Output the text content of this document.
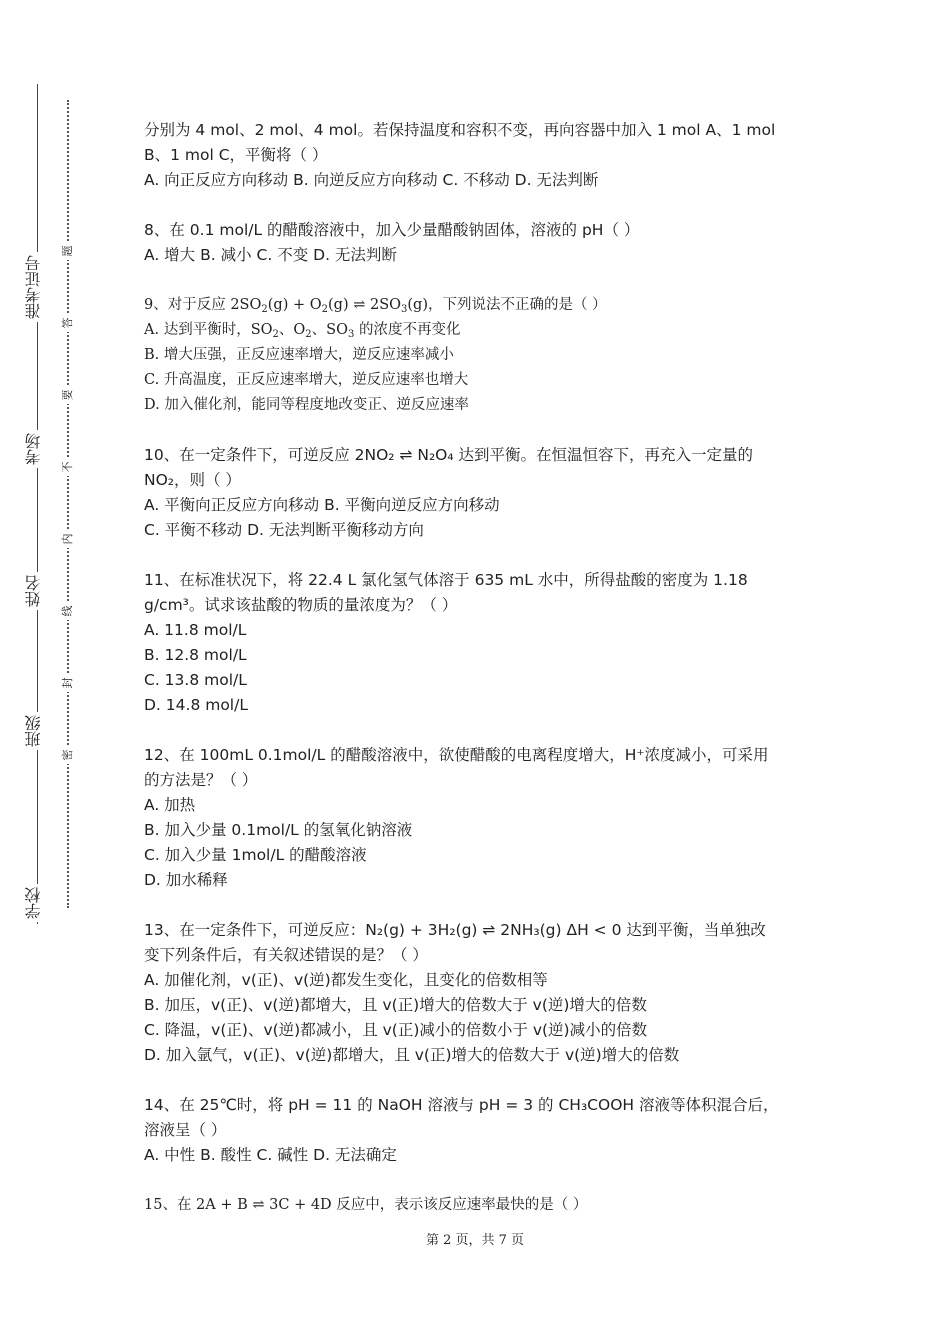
准考证号
考场
姓名
班级
学校
题
答
要
不
内
线
封
密
分别为 4 mol、2 mol、4 mol。若保持温度和容积不变，再向容器中加入 1 mol A、1 mol
B、1 mol C，平衡将（ ）
A. 向正反应方向移动 B. 向逆反应方向移动 C. 不移动 D. 无法判断
8、在 0.1 mol/L 的醋酸溶液中，加入少量醋酸钠固体，溶液的 pH（ ）
A. 增大 B. 减小 C. 不变 D. 无法判断
9、对于反应 $2SO_2(g) + O_2(g)$ ⇌ $2SO_3(g)$，下列说法不正确的是（ ）
A. 达到平衡时，$SO_2$、$O_2$、$SO_3$ 的浓度不再变化
B. 增大压强，正反应速率增大，逆反应速率减小
C. 升高温度，正反应速率增大，逆反应速率也增大
D. 加入催化剂，能同等程度地改变正、逆反应速率
10、在一定条件下，可逆反应 2NO₂ ⇌ N₂O₄ 达到平衡。在恒温恒容下，再充入一定量的
NO₂，则（ ）
A. 平衡向正反应方向移动 B. 平衡向逆反应方向移动
C. 平衡不移动 D. 无法判断平衡移动方向
11、在标准状况下，将 22.4 L 氯化氢气体溶于 635 mL 水中，所得盐酸的密度为 1.18
g/cm³。试求该盐酸的物质的量浓度为？（ ）
A. 11.8 mol/L
B. 12.8 mol/L
C. 13.8 mol/L
D. 14.8 mol/L
12、在 100mL 0.1mol/L 的醋酸溶液中，欲使醋酸的电离程度增大，H⁺浓度减小，可采用
的方法是？（ ）
A. 加热
B. 加入少量 0.1mol/L 的氢氧化钠溶液
C. 加入少量 1mol/L 的醋酸溶液
D. 加水稀释
13、在一定条件下，可逆反应：N₂(g) + 3H₂(g) ⇌ 2NH₃(g) ΔH < 0 达到平衡，当单独改
变下列条件后，有关叙述错误的是？（ ）
A. 加催化剂，v(正)、v(逆)都发生变化，且变化的倍数相等
B. 加压，v(正)、v(逆)都增大，且 v(正)增大的倍数大于 v(逆)增大的倍数
C. 降温，v(正)、v(逆)都减小，且 v(正)减小的倍数小于 v(逆)减小的倍数
D. 加入氩气，v(正)、v(逆)都增大，且 v(正)增大的倍数大于 v(逆)增大的倍数
14、在 25℃时，将 pH = 11 的 NaOH 溶液与 pH = 3 的 CH₃COOH 溶液等体积混合后，
溶液呈（ ）
A. 中性 B. 酸性 C. 碱性 D. 无法确定
15、在 2A + B ⇌ 3C + 4D 反应中，表示该反应速率最快的是（ ）
第 2 页，共 7 页
